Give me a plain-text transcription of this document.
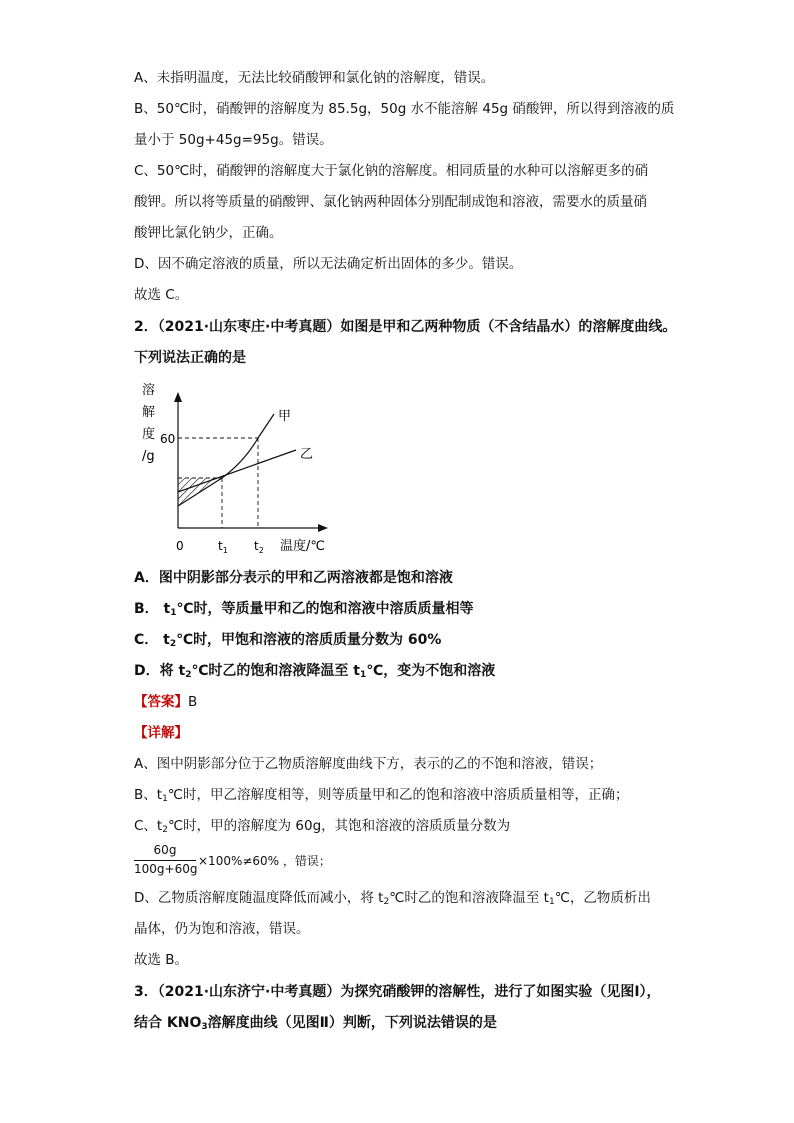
A、未指明温度，无法比较硝酸钾和氯化钠的溶解度，错误。
B、50℃时，硝酸钾的溶解度为 85.5g，50g 水不能溶解 45g 硝酸钾，所以得到溶液的质
量小于 50g+45g=95g。错误。
C、50℃时，硝酸钾的溶解度大于氯化钠的溶解度。相同质量的水种可以溶解更多的硝
酸钾。所以将等质量的硝酸钾、氯化钠两种固体分别配制成饱和溶液，需要水的质量硝
酸钾比氯化钠少，正确。
D、因不确定溶液的质量，所以无法确定析出固体的多少。错误。
故选 C。
2．（2021·山东枣庄·中考真题）如图是甲和乙两种物质（不含结晶水）的溶解度曲线。
下列说法正确的是
溶
解
度
/g
60
0	$t_1$ $t_2$ 温度/℃
甲
乙
A．图中阴影部分表示的甲和乙两溶液都是饱和溶液
B． $t_1℃$时，等质量甲和乙的饱和溶液中溶质质量相等
C． $t_2℃$时，甲饱和溶液的溶质质量分数为 60%
D．将 $t_2℃$时乙的饱和溶液降温至 $t_1℃$，变为不饱和溶液
【答案】B
【详解】
A、图中阴影部分位于乙物质溶解度曲线下方，表示的乙的不饱和溶液，错误；
B、$t_1℃$时，甲乙溶解度相等，则等质量甲和乙的饱和溶液中溶质质量相等，正确；
C、$t_2℃$时，甲的溶解度为 60g，其饱和溶液的溶质质量分数为
60g
100g+60g
×100%≠60% ，错误；
D、乙物质溶解度随温度降低而减小，将 $t_2℃$时乙的饱和溶液降温至 $t_1℃$，乙物质析出
晶体，仍为饱和溶液，错误。
故选 B。
3．（2021·山东济宁·中考真题）为探究硝酸钾的溶解性，进行了如图实验（见图Ⅰ），
结合 $KNO_3$溶解度曲线（见图Ⅱ）判断，下列说法错误的是
